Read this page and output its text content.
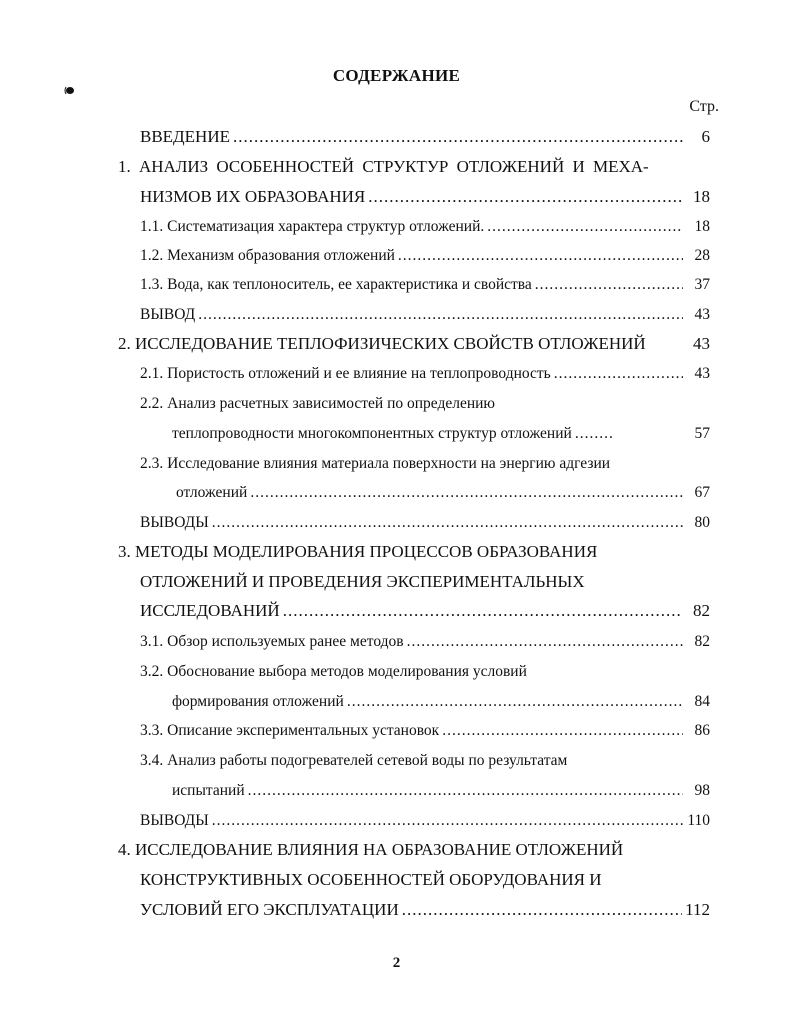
СОДЕРЖАНИЕ
Стр.
ВВЕДЕНИЕ .....	6
1. АНАЛИЗ ОСОБЕННОСТЕЙ СТРУКТУР ОТЛОЖЕНИЙ И МЕХА-
НИЗМОВ ИХ ОБРАЗОВАНИЯ .....	18
1.1. Систематизация характера структур отложений. .....	18
1.2. Механизм образования отложений .....	28
1.3. Вода, как теплоноситель, ее характеристика и свойства .....	37
ВЫВОД .....	43
2. ИССЛЕДОВАНИЕ ТЕПЛОФИЗИЧЕСКИХ СВОЙСТВ ОТЛОЖЕНИЙ	43
2.1. Пористость отложений и ее влияние на теплопроводность .....	43
2.2. Анализ расчетных зависимостей по определению
теплопроводности многокомпонентных структур отложений .....	57
2.3. Исследование влияния материала поверхности на энергию адгезии
отложений .....	67
ВЫВОДЫ .....	80
3. МЕТОДЫ МОДЕЛИРОВАНИЯ ПРОЦЕССОВ ОБРАЗОВАНИЯ
ОТЛОЖЕНИЙ И ПРОВЕДЕНИЯ ЭКСПЕРИМЕНТАЛЬНЫХ
ИССЛЕДОВАНИЙ .....	82
3.1. Обзор используемых ранее методов .....	82
3.2. Обоснование выбора методов моделирования условий
формирования отложений .....	84
3.3. Описание экспериментальных установок .....	86
3.4. Анализ работы подогревателей сетевой воды по результатам
испытаний .....	98
ВЫВОДЫ .....	110
4. ИССЛЕДОВАНИЕ ВЛИЯНИЯ НА ОБРАЗОВАНИЕ ОТЛОЖЕНИЙ
КОНСТРУКТИВНЫХ ОСОБЕННОСТЕЙ ОБОРУДОВАНИЯ И
УСЛОВИЙ ЕГО ЭКСПЛУАТАЦИИ .....	112
2
